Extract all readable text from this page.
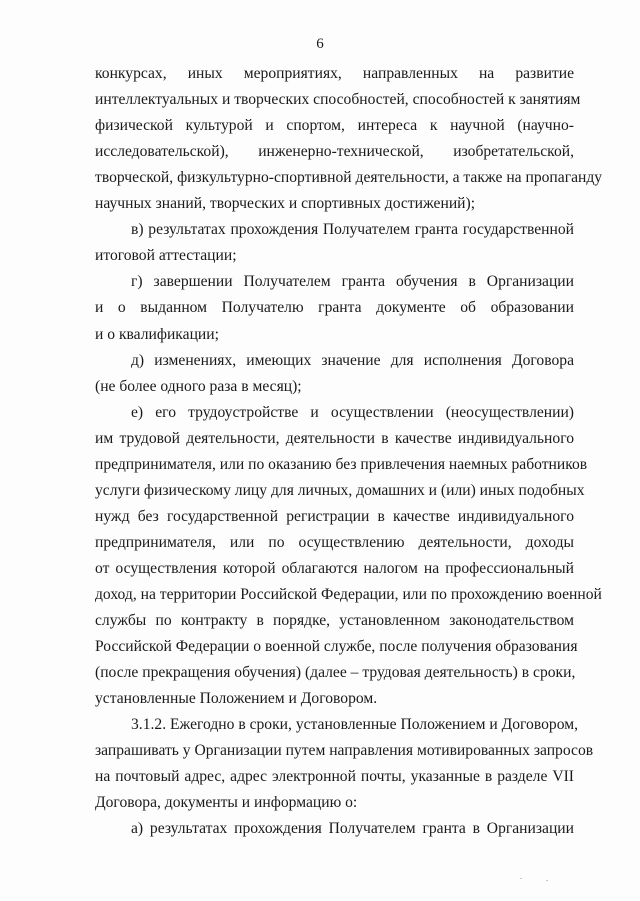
6
конкурсах, иных мероприятиях, направленных на развитие
интеллектуальных и творческих способностей, способностей к занятиям
физической культурой и спортом, интереса к научной (научно-
исследовательской), инженерно-технической, изобретательской,
творческой, физкультурно-спортивной деятельности, а также на пропаганду
научных знаний, творческих и спортивных достижений);
в) результатах прохождения Получателем гранта государственной
итоговой аттестации;
г) завершении Получателем гранта обучения в Организации
и о выданном Получателю гранта документе об образовании
и о квалификации;
д) изменениях, имеющих значение для исполнения Договора
(не более одного раза в месяц);
е) его трудоустройстве и осуществлении (неосуществлении)
им трудовой деятельности, деятельности в качестве индивидуального
предпринимателя, или по оказанию без привлечения наемных работников
услуги физическому лицу для личных, домашних и (или) иных подобных
нужд без государственной регистрации в качестве индивидуального
предпринимателя, или по осуществлению деятельности, доходы
от осуществления которой облагаются налогом на профессиональный
доход, на территории Российской Федерации, или по прохождению военной
службы по контракту в порядке, установленном законодательством
Российской Федерации о военной службе, после получения образования
(после прекращения обучения) (далее – трудовая деятельность) в сроки,
установленные Положением и Договором.
3.1.2. Ежегодно в сроки, установленные Положением и Договором,
запрашивать у Организации путем направления мотивированных запросов
на почтовый адрес, адрес электронной почты, указанные в разделе VII
Договора, документы и информацию о:
а) результатах прохождения Получателем гранта в Организации
